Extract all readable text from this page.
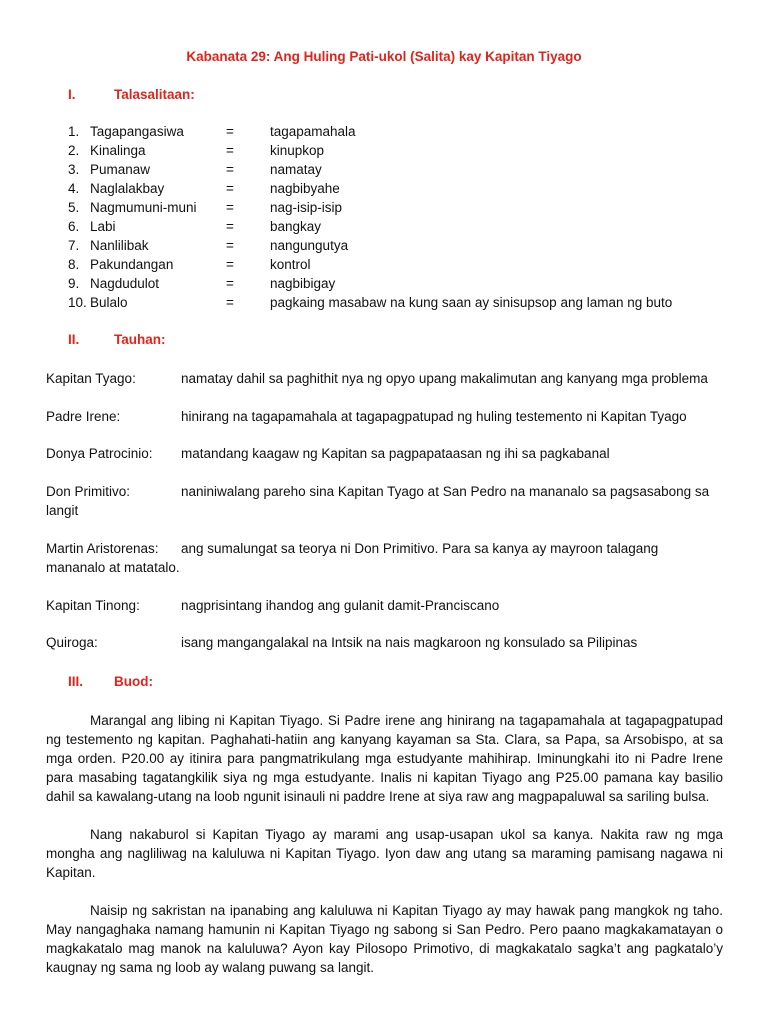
Kabanata 29: Ang Huling Pati-ukol (Salita) kay Kapitan Tiyago
I.	Talasalitaan:
1. Tagapangasiwa	=	tagapamahala
2. Kinalinga	=	kinupkop
3. Pumanaw	=	namatay
4. Naglalakbay	=	nagbibyahe
5. Nagmumuni-muni =	nag-isip-isip
6. Labi	=	bangkay
7. Nanlilibak	=	nangungutya
8. Pakundangan	=	kontrol
9. Nagdudulot	=	nagbibigay
10. Bulalo	=	pagkaing masabaw na kung saan ay sinisupsop ang laman ng buto
II.	Tauhan:
Kapitan Tyago:	namatay dahil sa paghithit nya ng opyo upang makalimutan ang kanyang mga problema
Padre Irene:	hinirang na tagapamahala at tagapagpatupad ng huling testemento ni Kapitan Tyago
Donya Patrocinio: matandang kaagaw ng Kapitan sa pagpapataasan ng ihi sa pagkabanal
Don Primitivo:	naniniwalang pareho sina Kapitan Tyago at San Pedro na mananalo sa pagsasabong sa
langit
Martin Aristorenas: ang sumalungat sa teorya ni Don Primitivo. Para sa kanya ay mayroon talagang
mananalo at matatalo.
Kapitan Tinong:	nagprisintang ihandog ang gulanit damit-Pranciscano
Quiroga:	isang mangangalakal na Intsik na nais magkaroon ng konsulado sa Pilipinas
III. Buod:
Marangal ang libing ni Kapitan Tiyago. Si Padre irene ang hinirang na tagapamahala at tagapagpatupad ng testemento ng kapitan. Paghahati-hatiin ang kanyang kayaman sa Sta. Clara, sa Papa, sa Arsobispo, at sa mga orden. P20.00 ay itinira para pangmatrikulang mga estudyante mahihirap. Iminungkahi ito ni Padre Irene para masabing tagatangkilik siya ng mga estudyante. Inalis ni kapitan Tiyago ang P25.00 pamana kay basilio dahil sa kawalang-utang na loob ngunit isinauli ni paddre Irene at siya raw ang magpapaluwal sa sariling bulsa.
Nang nakaburol si Kapitan Tiyago ay marami ang usap-usapan ukol sa kanya. Nakita raw ng mga mongha ang nagliliwag na kaluluwa ni Kapitan Tiyago. Iyon daw ang utang sa maraming pamisang nagawa ni Kapitan.
Naisip ng sakristan na ipanabing ang kaluluwa ni Kapitan Tiyago ay may hawak pang mangkok ng taho. May nangaghaka namang hamunin ni Kapitan Tiyago ng sabong si San Pedro. Pero paano magkakamatayan o magkakatalo mag manok na kaluluwa? Ayon kay Pilosopo Primotivo, di magkakatalo sagka’t ang pagkatalo’y kaugnay ng sama ng loob ay walang puwang sa langit.
